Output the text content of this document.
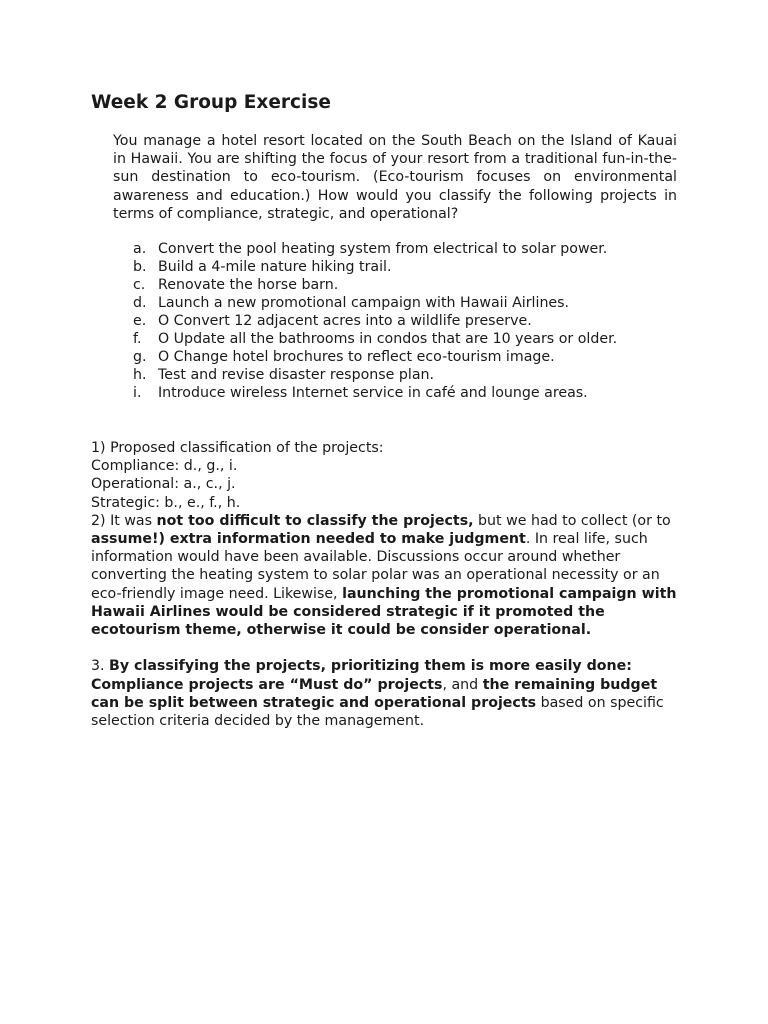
Week 2 Group Exercise

You manage a hotel resort located on the South Beach on the Island of Kauai in Hawaii. You are shifting the focus of your resort from a traditional fun-in-the-sun destination to eco-tourism. (Eco-tourism focuses on environmental awareness and education.) How would you classify the following projects in terms of compliance, strategic, and operational?

a. Convert the pool heating system from electrical to solar power.
b. Build a 4-mile nature hiking trail.
c. Renovate the horse barn.
d. Launch a new promotional campaign with Hawaii Airlines.
e. O Convert 12 adjacent acres into a wildlife preserve.
f.	O Update all the bathrooms in condos that are 10 years or older.
g. O Change hotel brochures to reflect eco-tourism image.
h. Test and revise disaster response plan.
i.	Introduce wireless Internet service in café and lounge areas.

1) Proposed classification of the projects:

Compliance: d., g., i.

Operational: a., c., j.

Strategic: b., e., f., h.

2) It was not too difficult to classify the projects, but we had to collect (or to assume!) extra information needed to make judgment. In real life, such information would have been available. Discussions occur around whether converting the heating system to solar polar was an operational necessity or an eco-friendly image need. Likewise, launching the promotional campaign with Hawaii Airlines would be considered strategic if it promoted the ecotourism theme, otherwise it could be consider operational.

3. By classifying the projects, prioritizing them is more easily done: Compliance projects are “Must do” projects, and the remaining budget can be split between strategic and operational projects based on specific selection criteria decided by the management.
